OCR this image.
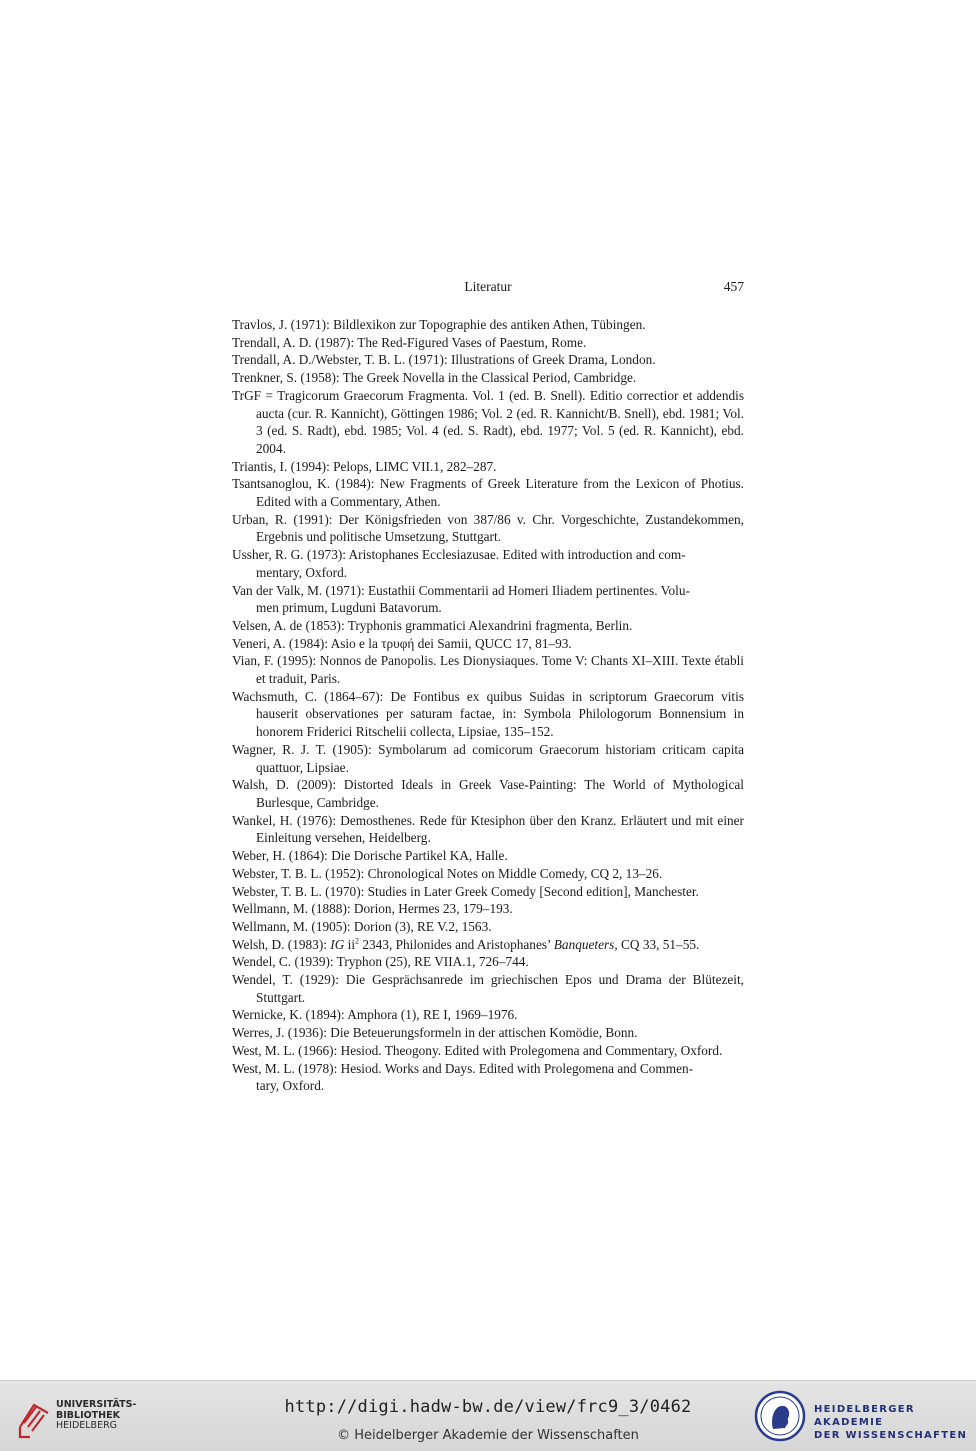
Literatur	457
Travlos, J. (1971): Bildlexikon zur Topographie des antiken Athen, Tübingen.
Trendall, A. D. (1987): The Red-Figured Vases of Paestum, Rome.
Trendall, A. D./Webster, T. B. L. (1971): Illustrations of Greek Drama, London.
Trenkner, S. (1958): The Greek Novella in the Classical Period, Cambridge.
TrGF = Tragicorum Graecorum Fragmenta. Vol. 1 (ed. B. Snell). Editio correctior et addendis aucta (cur. R. Kannicht), Göttingen 1986; Vol. 2 (ed. R. Kannicht/B. Snell), ebd. 1981; Vol. 3 (ed. S. Radt), ebd. 1985; Vol. 4 (ed. S. Radt), ebd. 1977; Vol. 5 (ed. R. Kannicht), ebd. 2004.
Triantis, I. (1994): Pelops, LIMC VII.1, 282–287.
Tsantsanoglou, K. (1984): New Fragments of Greek Literature from the Lexicon of Photius. Edited with a Commentary, Athen.
Urban, R. (1991): Der Königsfrieden von 387/86 v. Chr. Vorgeschichte, Zustandekommen, Ergebnis und politische Umsetzung, Stuttgart.
Ussher, R. G. (1973): Aristophanes Ecclesiazusae. Edited with introduction and com-
mentary, Oxford.
Van der Valk, M. (1971): Eustathii Commentarii ad Homeri Iliadem pertinentes. Volu-
men primum, Lugduni Batavorum.
Velsen, A. de (1853): Tryphonis grammatici Alexandrini fragmenta, Berlin.
Veneri, A. (1984): Asio e la τρυφή dei Samii, QUCC 17, 81–93.
Vian, F. (1995): Nonnos de Panopolis. Les Dionysiaques. Tome V: Chants XI–XIII. Texte établi et traduit, Paris.
Wachsmuth, C. (1864–67): De Fontibus ex quibus Suidas in scriptorum Graecorum vitis hauserit observationes per saturam factae, in: Symbola Philologorum Bonnensium in honorem Friderici Ritschelii collecta, Lipsiae, 135–152.
Wagner, R. J. T. (1905): Symbolarum ad comicorum Graecorum historiam criticam capita quattuor, Lipsiae.
Walsh, D. (2009): Distorted Ideals in Greek Vase-Painting: The World of Mythological Burlesque, Cambridge.
Wankel, H. (1976): Demosthenes. Rede für Ktesiphon über den Kranz. Erläutert und mit einer Einleitung versehen, Heidelberg.
Weber, H. (1864): Die Dorische Partikel KA, Halle.
Webster, T. B. L. (1952): Chronological Notes on Middle Comedy, CQ 2, 13–26.
Webster, T. B. L. (1970): Studies in Later Greek Comedy [Second edition], Manchester.
Wellmann, M. (1888): Dorion, Hermes 23, 179–193.
Wellmann, M. (1905): Dorion (3), RE V.2, 1563.
Welsh, D. (1983): IG $ii^2$ 2343, Philonides and Aristophanes’ Banqueters, CQ 33, 51–55.
Wendel, C. (1939): Tryphon (25), RE VIIA.1, 726–744.
Wendel, T. (1929): Die Gesprächsanrede im griechischen Epos und Drama der Blütezeit, Stuttgart.
Wernicke, K. (1894): Amphora (1), RE I, 1969–1976.
Werres, J. (1936): Die Beteuerungsformeln in der attischen Komödie, Bonn.
West, M. L. (1966): Hesiod. Theogony. Edited with Prolegomena and Commentary, Oxford.
West, M. L. (1978): Hesiod. Works and Days. Edited with Prolegomena and Commen-
tary, Oxford.
UNIVERSITÄTS-
BIBLIOTHEK
HEIDELBERG
http://digi.hadw-bw.de/view/frc9_3/0462
© Heidelberger Akademie der Wissenschaften
HEIDELBERGER AKADEMIE
DER WISSENSCHAFTEN
